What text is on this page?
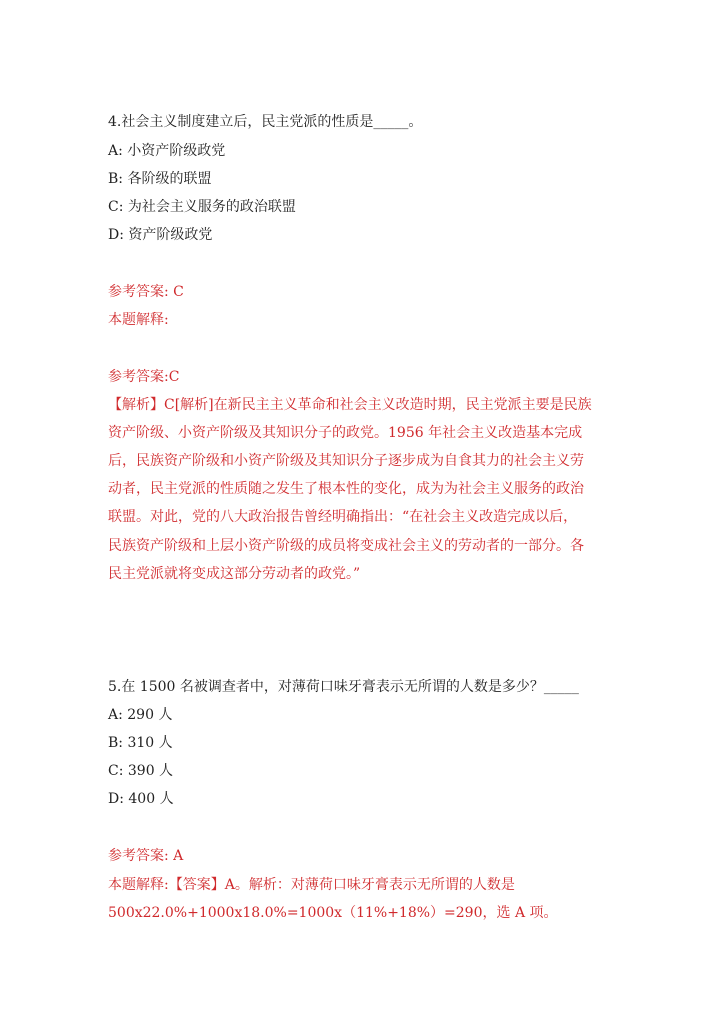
4.社会主义制度建立后，民主党派的性质是_____。
A: 小资产阶级政党
B: 各阶级的联盟
C: 为社会主义服务的政治联盟
D: 资产阶级政党
参考答案: C
本题解释:
参考答案:C
【解析】C[解析]在新民主主义革命和社会主义改造时期，民主党派主要是民族
资产阶级、小资产阶级及其知识分子的政党。1956 年社会主义改造基本完成
后，民族资产阶级和小资产阶级及其知识分子逐步成为自食其力的社会主义劳
动者，民主党派的性质随之发生了根本性的变化，成为为社会主义服务的政治
联盟。对此，党的八大政治报告曾经明确指出：“在社会主义改造完成以后，
民族资产阶级和上层小资产阶级的成员将变成社会主义的劳动者的一部分。各
民主党派就将变成这部分劳动者的政党。”
5.在 1500 名被调查者中，对薄荷口味牙膏表示无所谓的人数是多少？_____
A: 290 人
B: 310 人
C: 390 人
D: 400 人
参考答案: A
本题解释:【答案】A。解析：对薄荷口味牙膏表示无所谓的人数是
500x22.0%+1000x18.0%=1000x（11%+18%）=290，选 A 项。
